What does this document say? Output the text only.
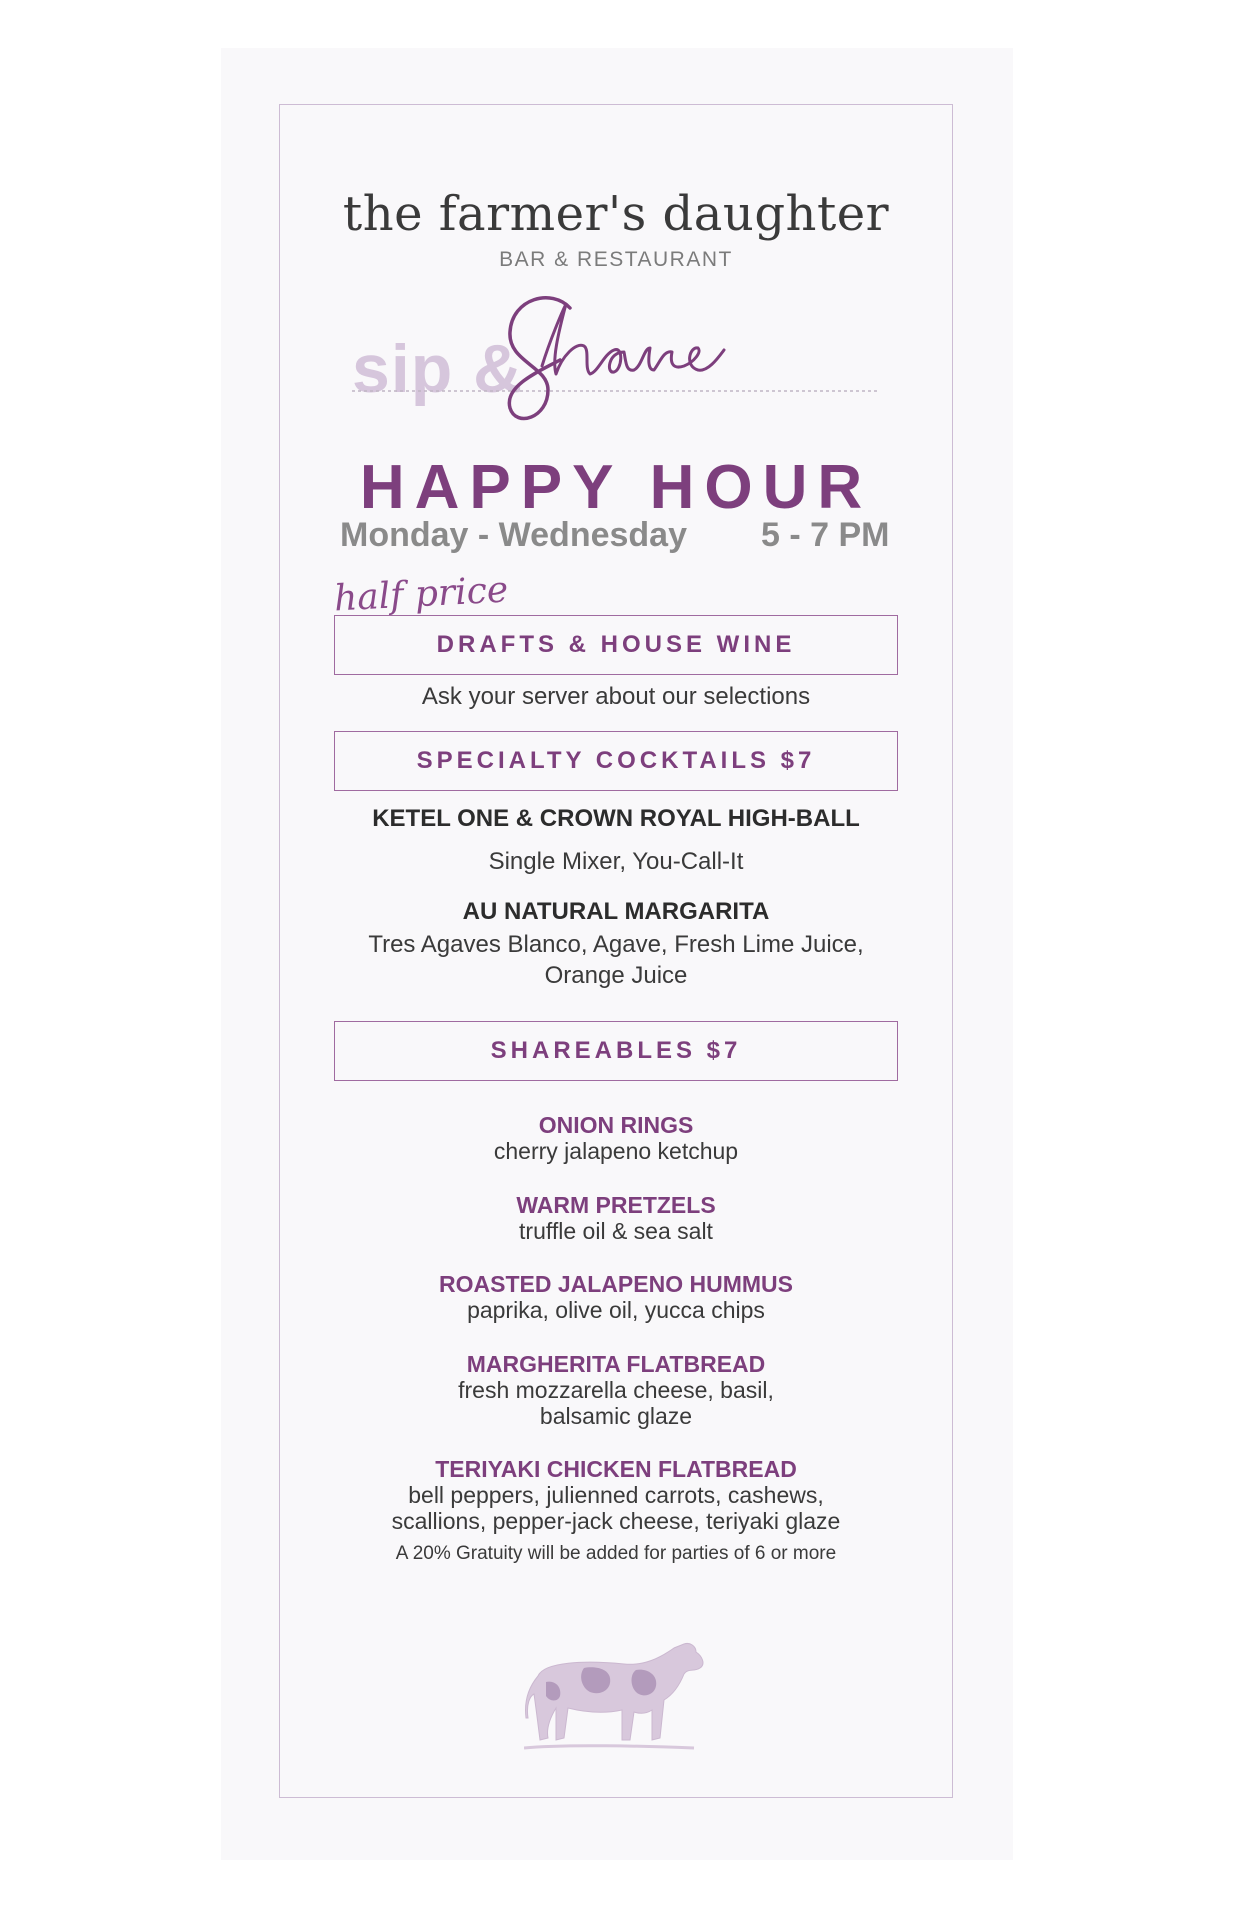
the farmer's daughter
BAR & RESTAURANT
sip &
HAPPY HOUR
Monday - Wednesday 5 - 7 PM
half price
DRAFTS & HOUSE WINE
Ask your server about our selections
SPECIALTY COCKTAILS $7
KETEL ONE & CROWN ROYAL HIGH-BALL
Single Mixer, You-Call-It
AU NATURAL MARGARITA
Tres Agaves Blanco, Agave, Fresh Lime Juice,
Orange Juice
SHAREABLES $7
ONION RINGS
cherry jalapeno ketchup
WARM PRETZELS
truffle oil & sea salt
ROASTED JALAPENO HUMMUS
paprika, olive oil, yucca chips
MARGHERITA FLATBREAD
fresh mozzarella cheese, basil,
balsamic glaze
TERIYAKI CHICKEN FLATBREAD
bell peppers, julienned carrots, cashews,
scallions, pepper-jack cheese, teriyaki glaze
A 20% Gratuity will be added for parties of 6 or more
